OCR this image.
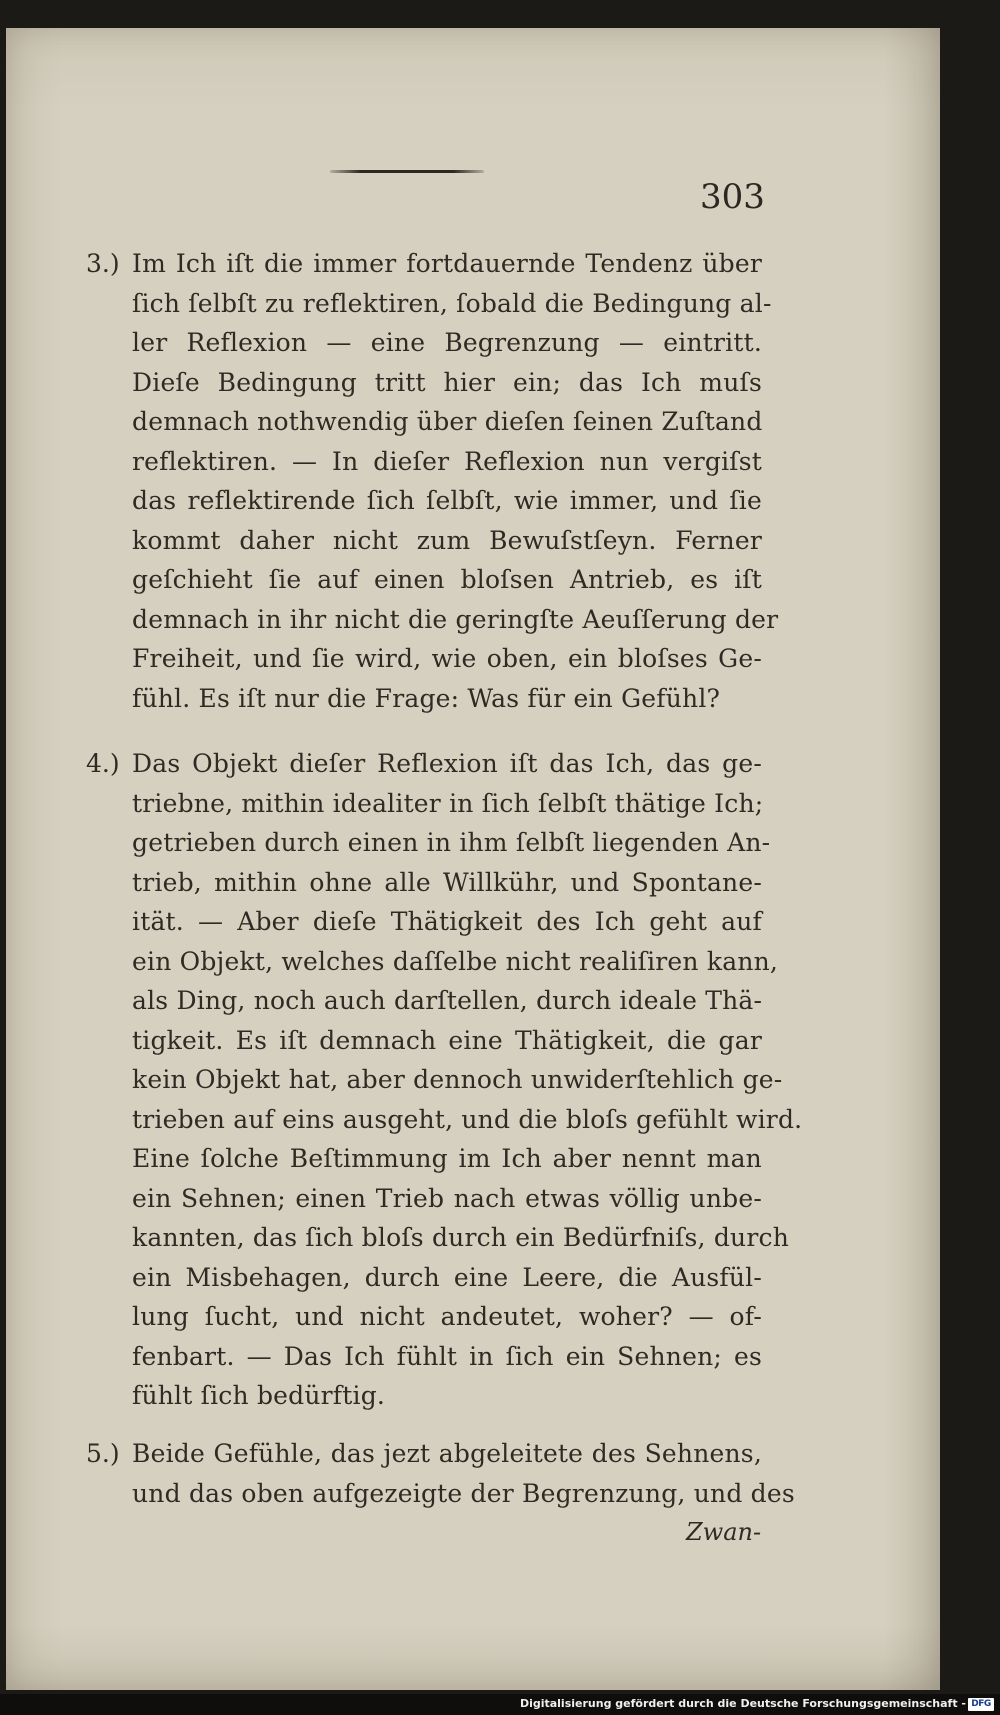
303
3.) Im Ich iſt die immer fortdauernde Tendenz über
ſich ſelbſt zu reflektiren, ſobald die Bedingung al-
ler Reflexion — eine Begrenzung — eintritt.
Dieſe Bedingung tritt hier ein; das Ich muſs
demnach nothwendig über dieſen ſeinen Zuſtand
reflektiren. — In dieſer Reflexion nun vergiſst
das reflektirende ſich ſelbſt, wie immer, und ſie
kommt daher nicht zum Bewuſstſeyn. Ferner
geſchieht ſie auf einen bloſsen Antrieb, es iſt
demnach in ihr nicht die geringſte Aeuſſerung der
Freiheit, und ſie wird, wie oben, ein bloſses Ge-
fühl. Es iſt nur die Frage: Was für ein Gefühl?
4.) Das Objekt dieſer Reflexion iſt das Ich, das ge-
triebne, mithin idealiter in ſich ſelbſt thätige Ich;
getrieben durch einen in ihm ſelbſt liegenden An-
trieb, mithin ohne alle Willkühr, und Spontane-
ität. — Aber dieſe Thätigkeit des Ich geht auf
ein Objekt, welches daſſelbe nicht realiſiren kann,
als Ding, noch auch darſtellen, durch ideale Thä-
tigkeit. Es iſt demnach eine Thätigkeit, die gar
kein Objekt hat, aber dennoch unwiderſtehlich ge-
trieben auf eins ausgeht, und die bloſs gefühlt wird.
Eine ſolche Beſtimmung im Ich aber nennt man
ein Sehnen; einen Trieb nach etwas völlig unbe-
kannten, das ſich bloſs durch ein Bedürfniſs, durch
ein Misbehagen, durch eine Leere, die Ausfül-
lung ſucht, und nicht andeutet, woher? — of-
fenbart. — Das Ich fühlt in ſich ein Sehnen; es
fühlt ſich bedürftig.
5.) Beide Gefühle, das jezt abgeleitete des Sehnens,
und das oben aufgezeigte der Begrenzung, und des
Zwan-
Digitalisierung gefördert durch die Deutsche Forschungsgemeinschaft - DFG
